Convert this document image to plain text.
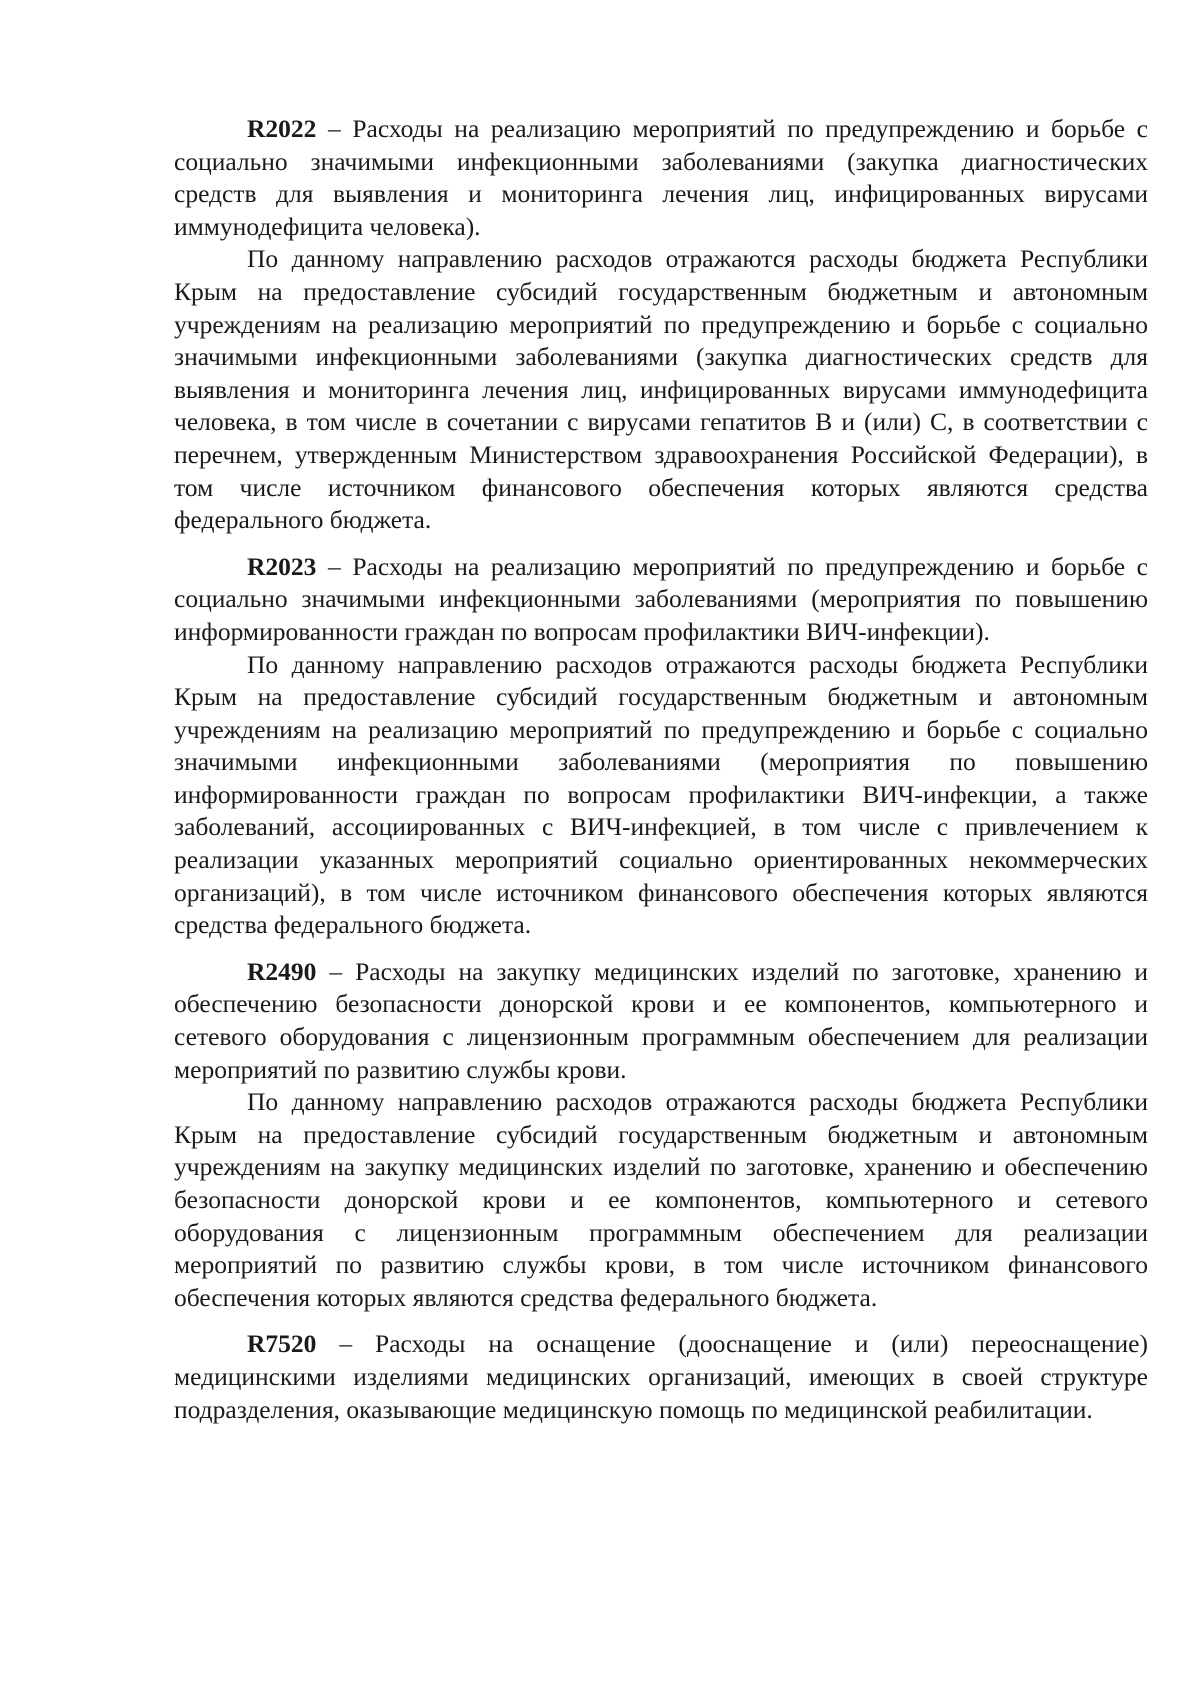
R2022 – Расходы на реализацию мероприятий по предупреждению и борьбе с социально значимыми инфекционными заболеваниями (закупка диагностических средств для выявления и мониторинга лечения лиц, инфицированных вирусами иммунодефицита человека).

По данному направлению расходов отражаются расходы бюджета Республики Крым на предоставление субсидий государственным бюджетным и автономным учреждениям на реализацию мероприятий по предупреждению и борьбе с социально значимыми инфекционными заболеваниями (закупка диагностических средств для выявления и мониторинга лечения лиц, инфицированных вирусами иммунодефицита человека, в том числе в сочетании с вирусами гепатитов B и (или) C, в соответствии с перечнем, утвержденным Министерством здравоохранения Российской Федерации), в том числе источником финансового обеспечения которых являются средства федерального бюджета.

R2023 – Расходы на реализацию мероприятий по предупреждению и борьбе с социально значимыми инфекционными заболеваниями (мероприятия по повышению информированности граждан по вопросам профилактики ВИЧ-инфекции).

По данному направлению расходов отражаются расходы бюджета Республики Крым на предоставление субсидий государственным бюджетным и автономным учреждениям на реализацию мероприятий по предупреждению и борьбе с социально значимыми инфекционными заболеваниями (мероприятия по повышению информированности граждан по вопросам профилактики ВИЧ-инфекции, а также заболеваний, ассоциированных с ВИЧ-инфекцией, в том числе с привлечением к реализации указанных мероприятий социально ориентированных некоммерческих организаций), в том числе источником финансового обеспечения которых являются средства федерального бюджета.

R2490 – Расходы на закупку медицинских изделий по заготовке, хранению и обеспечению безопасности донорской крови и ее компонентов, компьютерного и сетевого оборудования с лицензионным программным обеспечением для реализации мероприятий по развитию службы крови.

По данному направлению расходов отражаются расходы бюджета Республики Крым на предоставление субсидий государственным бюджетным и автономным учреждениям на закупку медицинских изделий по заготовке, хранению и обеспечению безопасности донорской крови и ее компонентов, компьютерного и сетевого оборудования с лицензионным программным обеспечением для реализации мероприятий по развитию службы крови, в том числе источником финансового обеспечения которых являются средства федерального бюджета.

R7520 – Расходы на оснащение (дооснащение и (или) переоснащение) медицинскими изделиями медицинских организаций, имеющих в своей структуре подразделения, оказывающие медицинскую помощь по медицинской реабилитации.
